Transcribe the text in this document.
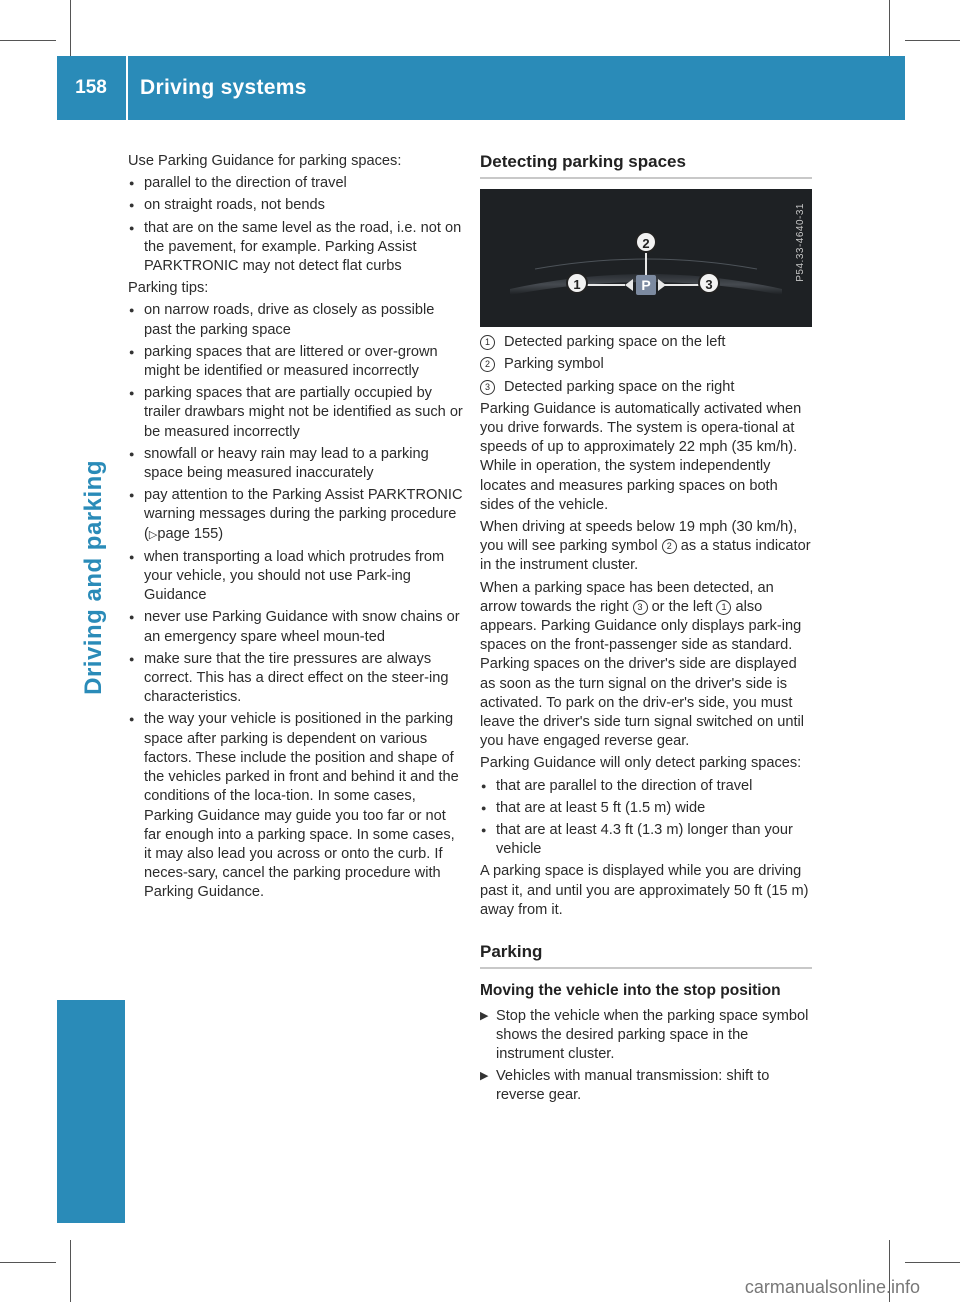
158	Driving systems
Driving and parking

Use Parking Guidance for parking spaces:

● parallel to the direction of travel
● on straight roads, not bends
● that are on the same level as the road, i.e. not on the pavement, for example. Parking Assist PARKTRONIC may not detect flat curbs

Parking tips:

● on narrow roads, drive as closely as possible past the parking space
● parking spaces that are littered or over-grown might be identified or measured incorrectly
● parking spaces that are partially occupied by trailer drawbars might not be identified as such or be measured incorrectly
● snowfall or heavy rain may lead to a parking space being measured inaccurately
● pay attention to the Parking Assist PARKTRONIC warning messages during the parking procedure (▷page 155)
● when transporting a load which protrudes from your vehicle, you should not use Park-ing Guidance
● never use Parking Guidance with snow chains or an emergency spare wheel moun-ted
● make sure that the tire pressures are always correct. This has a direct effect on the steer-ing characteristics.
● the way your vehicle is positioned in the parking space after parking is dependent on various factors. These include the position and shape of the vehicles parked in front and behind it and the conditions of the loca-tion. In some cases, Parking Guidance may guide you too far or not far enough into a parking space. In some cases, it may also lead you across or onto the curb. If neces-sary, cancel the parking procedure with Parking Guidance.
Detecting parking spaces
P
1
2
3
P54.33-4640-31
1 Detected parking space on the left
2 Parking symbol
3 Detected parking space on the right

Parking Guidance is automatically activated when you drive forwards. The system is opera-tional at speeds of up to approximately 22 mph (35 km/h). While in operation, the system independently locates and measures parking spaces on both sides of the vehicle.

When driving at speeds below 19 mph (30 km/h), you will see parking symbol 2 as a status indicator in the instrument cluster.

When a parking space has been detected, an arrow towards the right 3 or the left 1 also appears. Parking Guidance only displays park-ing spaces on the front-passenger side as standard. Parking spaces on the driver's side are displayed as soon as the turn signal on the driver's side is activated. To park on the driv-er's side, you must leave the driver's side turn signal switched on until you have engaged reverse gear.

Parking Guidance will only detect parking spaces:

● that are parallel to the direction of travel
● that are at least 5 ft (1.5 m) wide
● that are at least 4.3 ft (1.3 m) longer than your vehicle

A parking space is displayed while you are driving past it, and until you are approximately 50 ft (15 m) away from it.

Parking
Moving the vehicle into the stop position
▶ Stop the vehicle when the parking space symbol shows the desired parking space in the instrument cluster.
▶ Vehicles with manual transmission: shift to reverse gear.
carmanualsonline.info
